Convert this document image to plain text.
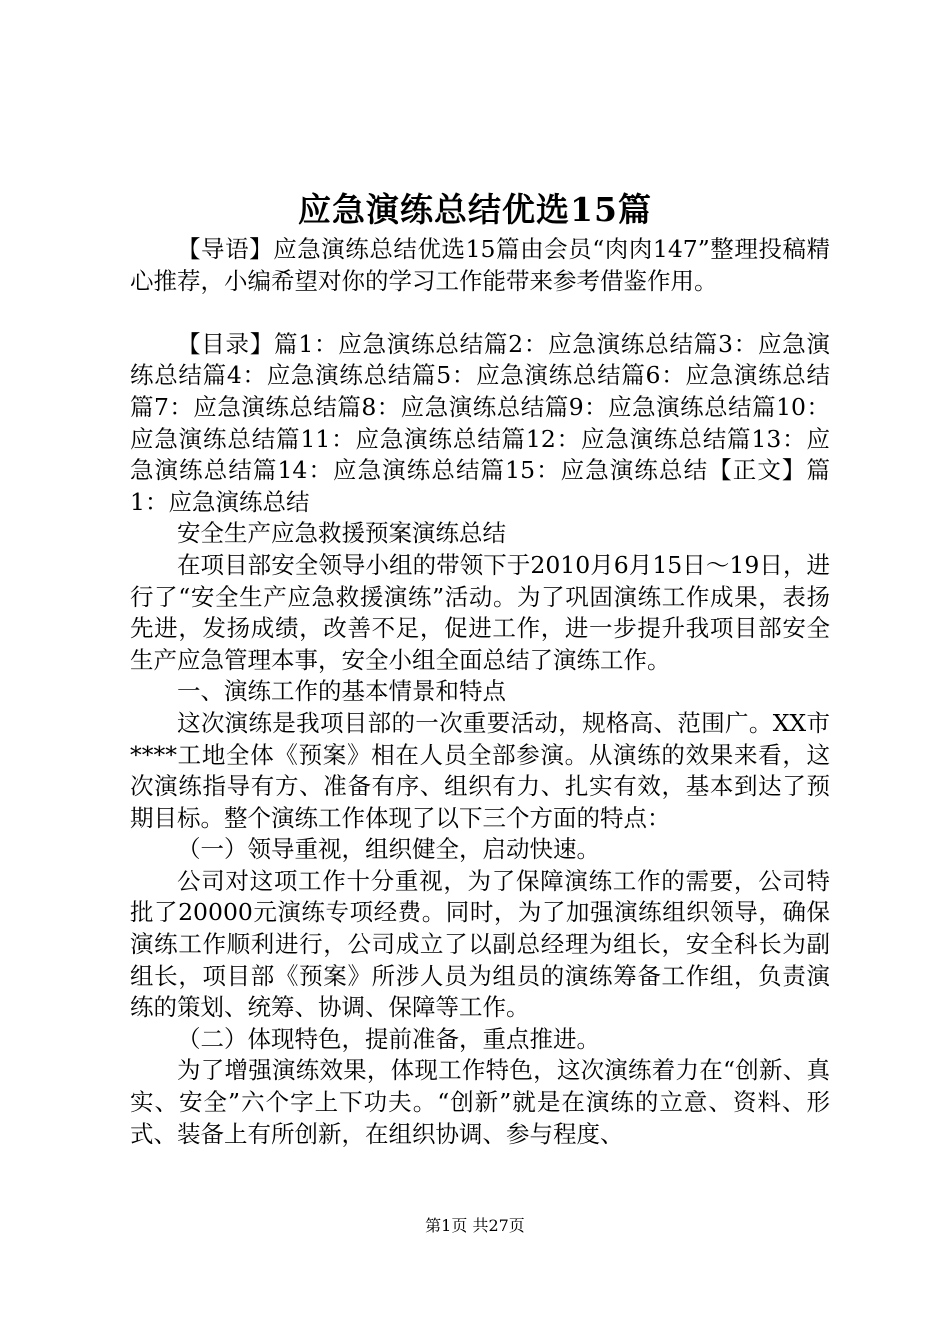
应急演练总结优选15篇

【导语】应急演练总结优选15篇由会员“肉肉147”整理投稿精心推荐，小编希望对你的学习工作能带来参考借鉴作用。

【目录】篇1：应急演练总结篇2：应急演练总结篇3：应急演练总结篇4：应急演练总结篇5：应急演练总结篇6：应急演练总结篇7：应急演练总结篇8：应急演练总结篇9：应急演练总结篇10：应急演练总结篇11：应急演练总结篇12：应急演练总结篇13：应急演练总结篇14：应急演练总结篇15：应急演练总结【正文】篇1：应急演练总结

安全生产应急救援预案演练总结

在项目部安全领导小组的带领下于2010月6月15日～19日，进行了“安全生产应急救援演练”活动。为了巩固演练工作成果，表扬先进，发扬成绩，改善不足，促进工作，进一步提升我项目部安全生产应急管理本事，安全小组全面总结了演练工作。

一、演练工作的基本情景和特点

这次演练是我项目部的一次重要活动，规格高、范围广。XX市****工地全体《预案》相在人员全部参演。从演练的效果来看，这次演练指导有方、准备有序、组织有力、扎实有效，基本到达了预期目标。整个演练工作体现了以下三个方面的特点：

（一）领导重视，组织健全，启动快速。

公司对这项工作十分重视，为了保障演练工作的需要，公司特批了20000元演练专项经费。同时，为了加强演练组织领导，确保演练工作顺利进行，公司成立了以副总经理为组长，安全科长为副组长，项目部《预案》所涉人员为组员的演练筹备工作组，负责演练的策划、统筹、协调、保障等工作。

（二）体现特色，提前准备，重点推进。

为了增强演练效果，体现工作特色，这次演练着力在“创新、真实、安全”六个字上下功夫。“创新”就是在演练的立意、资料、形式、装备上有所创新，在组织协调、参与程度、

第1页 共27页
